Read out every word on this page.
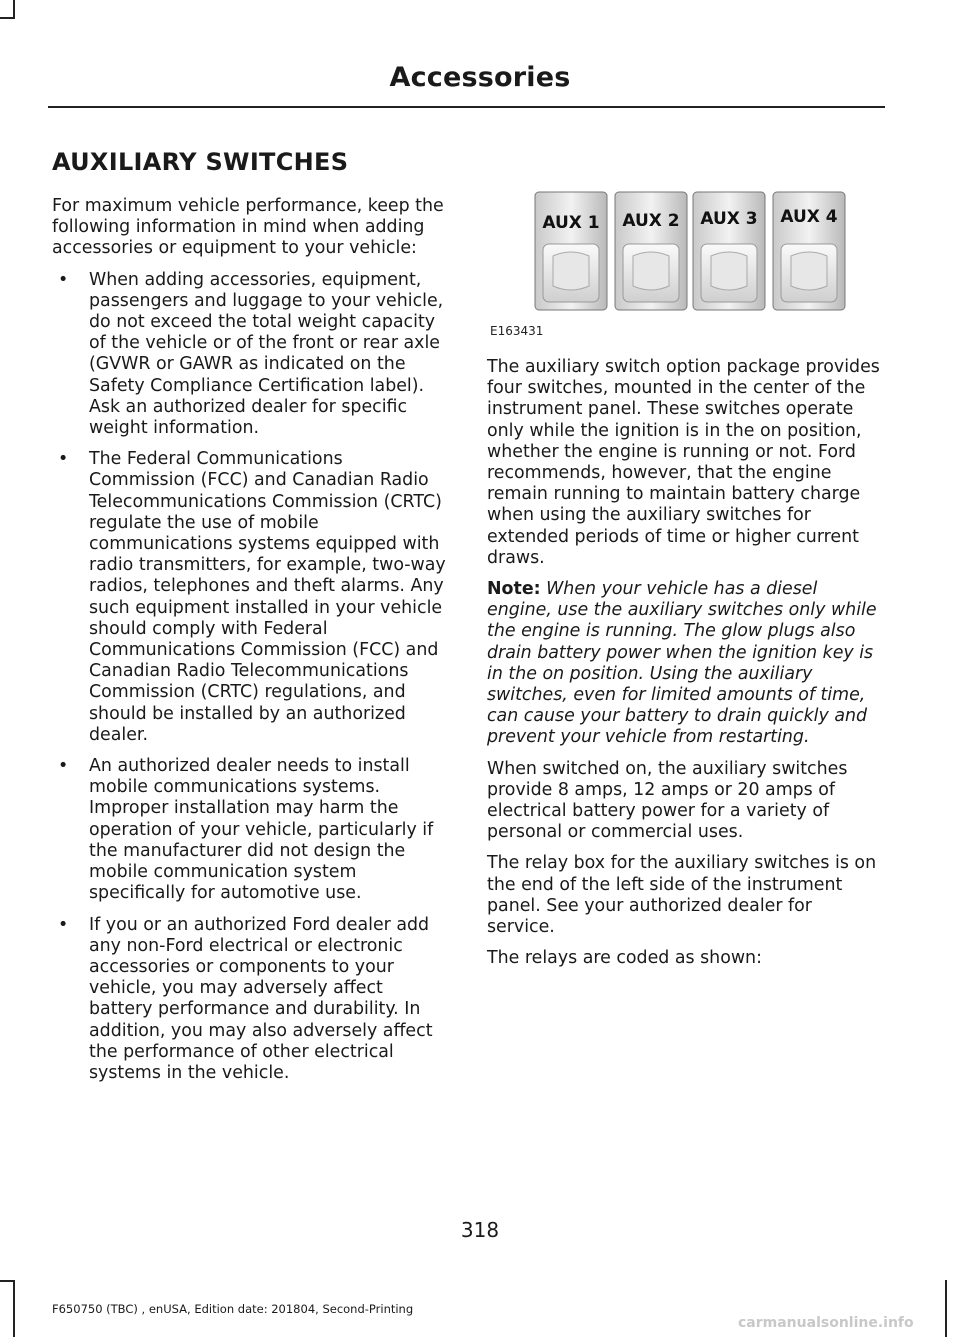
Accessories
AUXILIARY SWITCHES

For maximum vehicle performance, keep the following information in mind when adding accessories or equipment to your vehicle:

• When adding accessories, equipment, passengers and luggage to your vehicle, do not exceed the total weight capacity of the vehicle or of the front or rear axle (GVWR or GAWR as indicated on the Safety Compliance Certification label). Ask an authorized dealer for specific weight information.
• The Federal Communications Commission (FCC) and Canadian Radio Telecommunications Commission (CRTC) regulate the use of mobile communications systems equipped with radio transmitters, for example, two-way radios, telephones and theft alarms. Any such equipment installed in your vehicle should comply with Federal Communications Commission (FCC) and Canadian Radio Telecommunications Commission (CRTC) regulations, and should be installed by an authorized dealer.
• An authorized dealer needs to install mobile communications systems. Improper installation may harm the operation of your vehicle, particularly if the manufacturer did not design the mobile communication system specifically for automotive use.
• If you or an authorized Ford dealer add any non-Ford electrical or electronic accessories or components to your vehicle, you may adversely affect battery performance and durability. In addition, you may also adversely affect the performance of other electrical systems in the vehicle.
AUX 1 AUX 2 AUX 3 AUX 4
E163431

The auxiliary switch option package provides four switches, mounted in the center of the instrument panel. These switches operate only while the ignition is in the on position, whether the engine is running or not. Ford recommends, however, that the engine remain running to maintain battery charge when using the auxiliary switches for extended periods of time or higher current draws.

Note: When your vehicle has a diesel engine, use the auxiliary switches only while the engine is running. The glow plugs also drain battery power when the ignition key is in the on position. Using the auxiliary switches, even for limited amounts of time, can cause your battery to drain quickly and prevent your vehicle from restarting.

When switched on, the auxiliary switches provide 8 amps, 12 amps or 20 amps of electrical battery power for a variety of personal or commercial uses.

The relay box for the auxiliary switches is on the end of the left side of the instrument panel. See your authorized dealer for service.

The relays are coded as shown:

318
F650750 (TBC) , enUSA, Edition date: 201804, Second-Printing
carmanualsonline.info
